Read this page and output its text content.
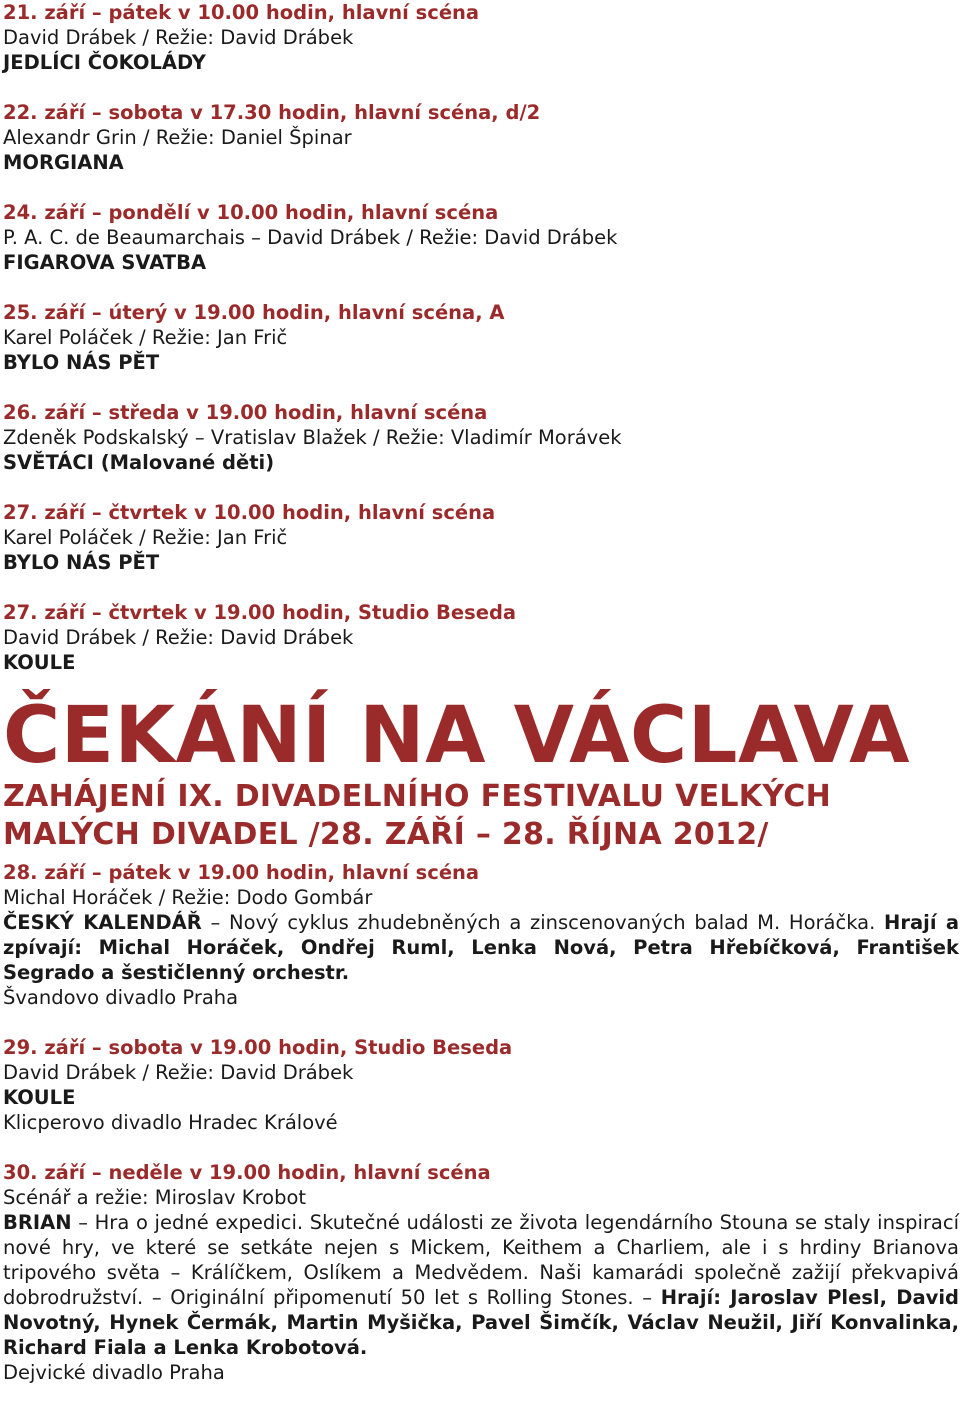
21. září – pátek v 10.00 hodin, hlavní scéna

David Drábek / Režie: David Drábek

JEDLÍCI ČOKOLÁDY

22. září – sobota v 17.30 hodin, hlavní scéna, d/2

Alexandr Grin / Režie: Daniel Špinar

MORGIANA

24. září – pondělí v 10.00 hodin, hlavní scéna

P. A. C. de Beaumarchais – David Drábek / Režie: David Drábek

FIGAROVA SVATBA

25. září – úterý v 19.00 hodin, hlavní scéna, A

Karel Poláček / Režie: Jan Frič

BYLO NÁS PĚT

26. září – středa v 19.00 hodin, hlavní scéna

Zdeněk Podskalský – Vratislav Blažek / Režie: Vladimír Morávek

SVĚTÁCI (Malované děti)

27. září – čtvrtek v 10.00 hodin, hlavní scéna

Karel Poláček / Režie: Jan Frič

BYLO NÁS PĚT

27. září – čtvrtek v 19.00 hodin, Studio Beseda

David Drábek / Režie: David Drábek

KOULE

ČEKÁNÍ NA VÁCLAVA
ZAHÁJENÍ IX. DIVADELNÍHO FESTIVALU VELKÝCH
MALÝCH DIVADEL /28. ZÁŘÍ – 28. ŘÍJNA 2012/

28. září – pátek v 19.00 hodin, hlavní scéna

Michal Horáček / Režie: Dodo Gombár

ČESKÝ KALENDÁŘ – Nový cyklus zhudebněných a zinscenovaných balad M. Horáčka. Hrají a zpívají: Michal Horáček, Ondřej Ruml, Lenka Nová, Petra Hřebíčková, František Segrado a šestičlenný orchestr.

Švandovo divadlo Praha

29. září – sobota v 19.00 hodin, Studio Beseda

David Drábek / Režie: David Drábek

KOULE

Klicperovo divadlo Hradec Králové

30. září – neděle v 19.00 hodin, hlavní scéna

Scénář a režie: Miroslav Krobot

BRIAN – Hra o jedné expedici. Skutečné události ze života legendárního Stouna se staly inspirací nové hry, ve které se setkáte nejen s Mickem, Keithem a Charliem, ale i s hrdiny Brianova tripového světa – Králíčkem, Oslíkem a Medvědem. Naši kamarádi společně zažijí překvapivá dobrodružství. – Originální připomenutí 50 let s Rolling Stones. – Hrají: Jaroslav Plesl, David Novotný, Hynek Čermák, Martin Myšička, Pavel Šimčík, Václav Neužil, Jiří Konvalinka, Richard Fiala a Lenka Krobotová.

Dejvické divadlo Praha
